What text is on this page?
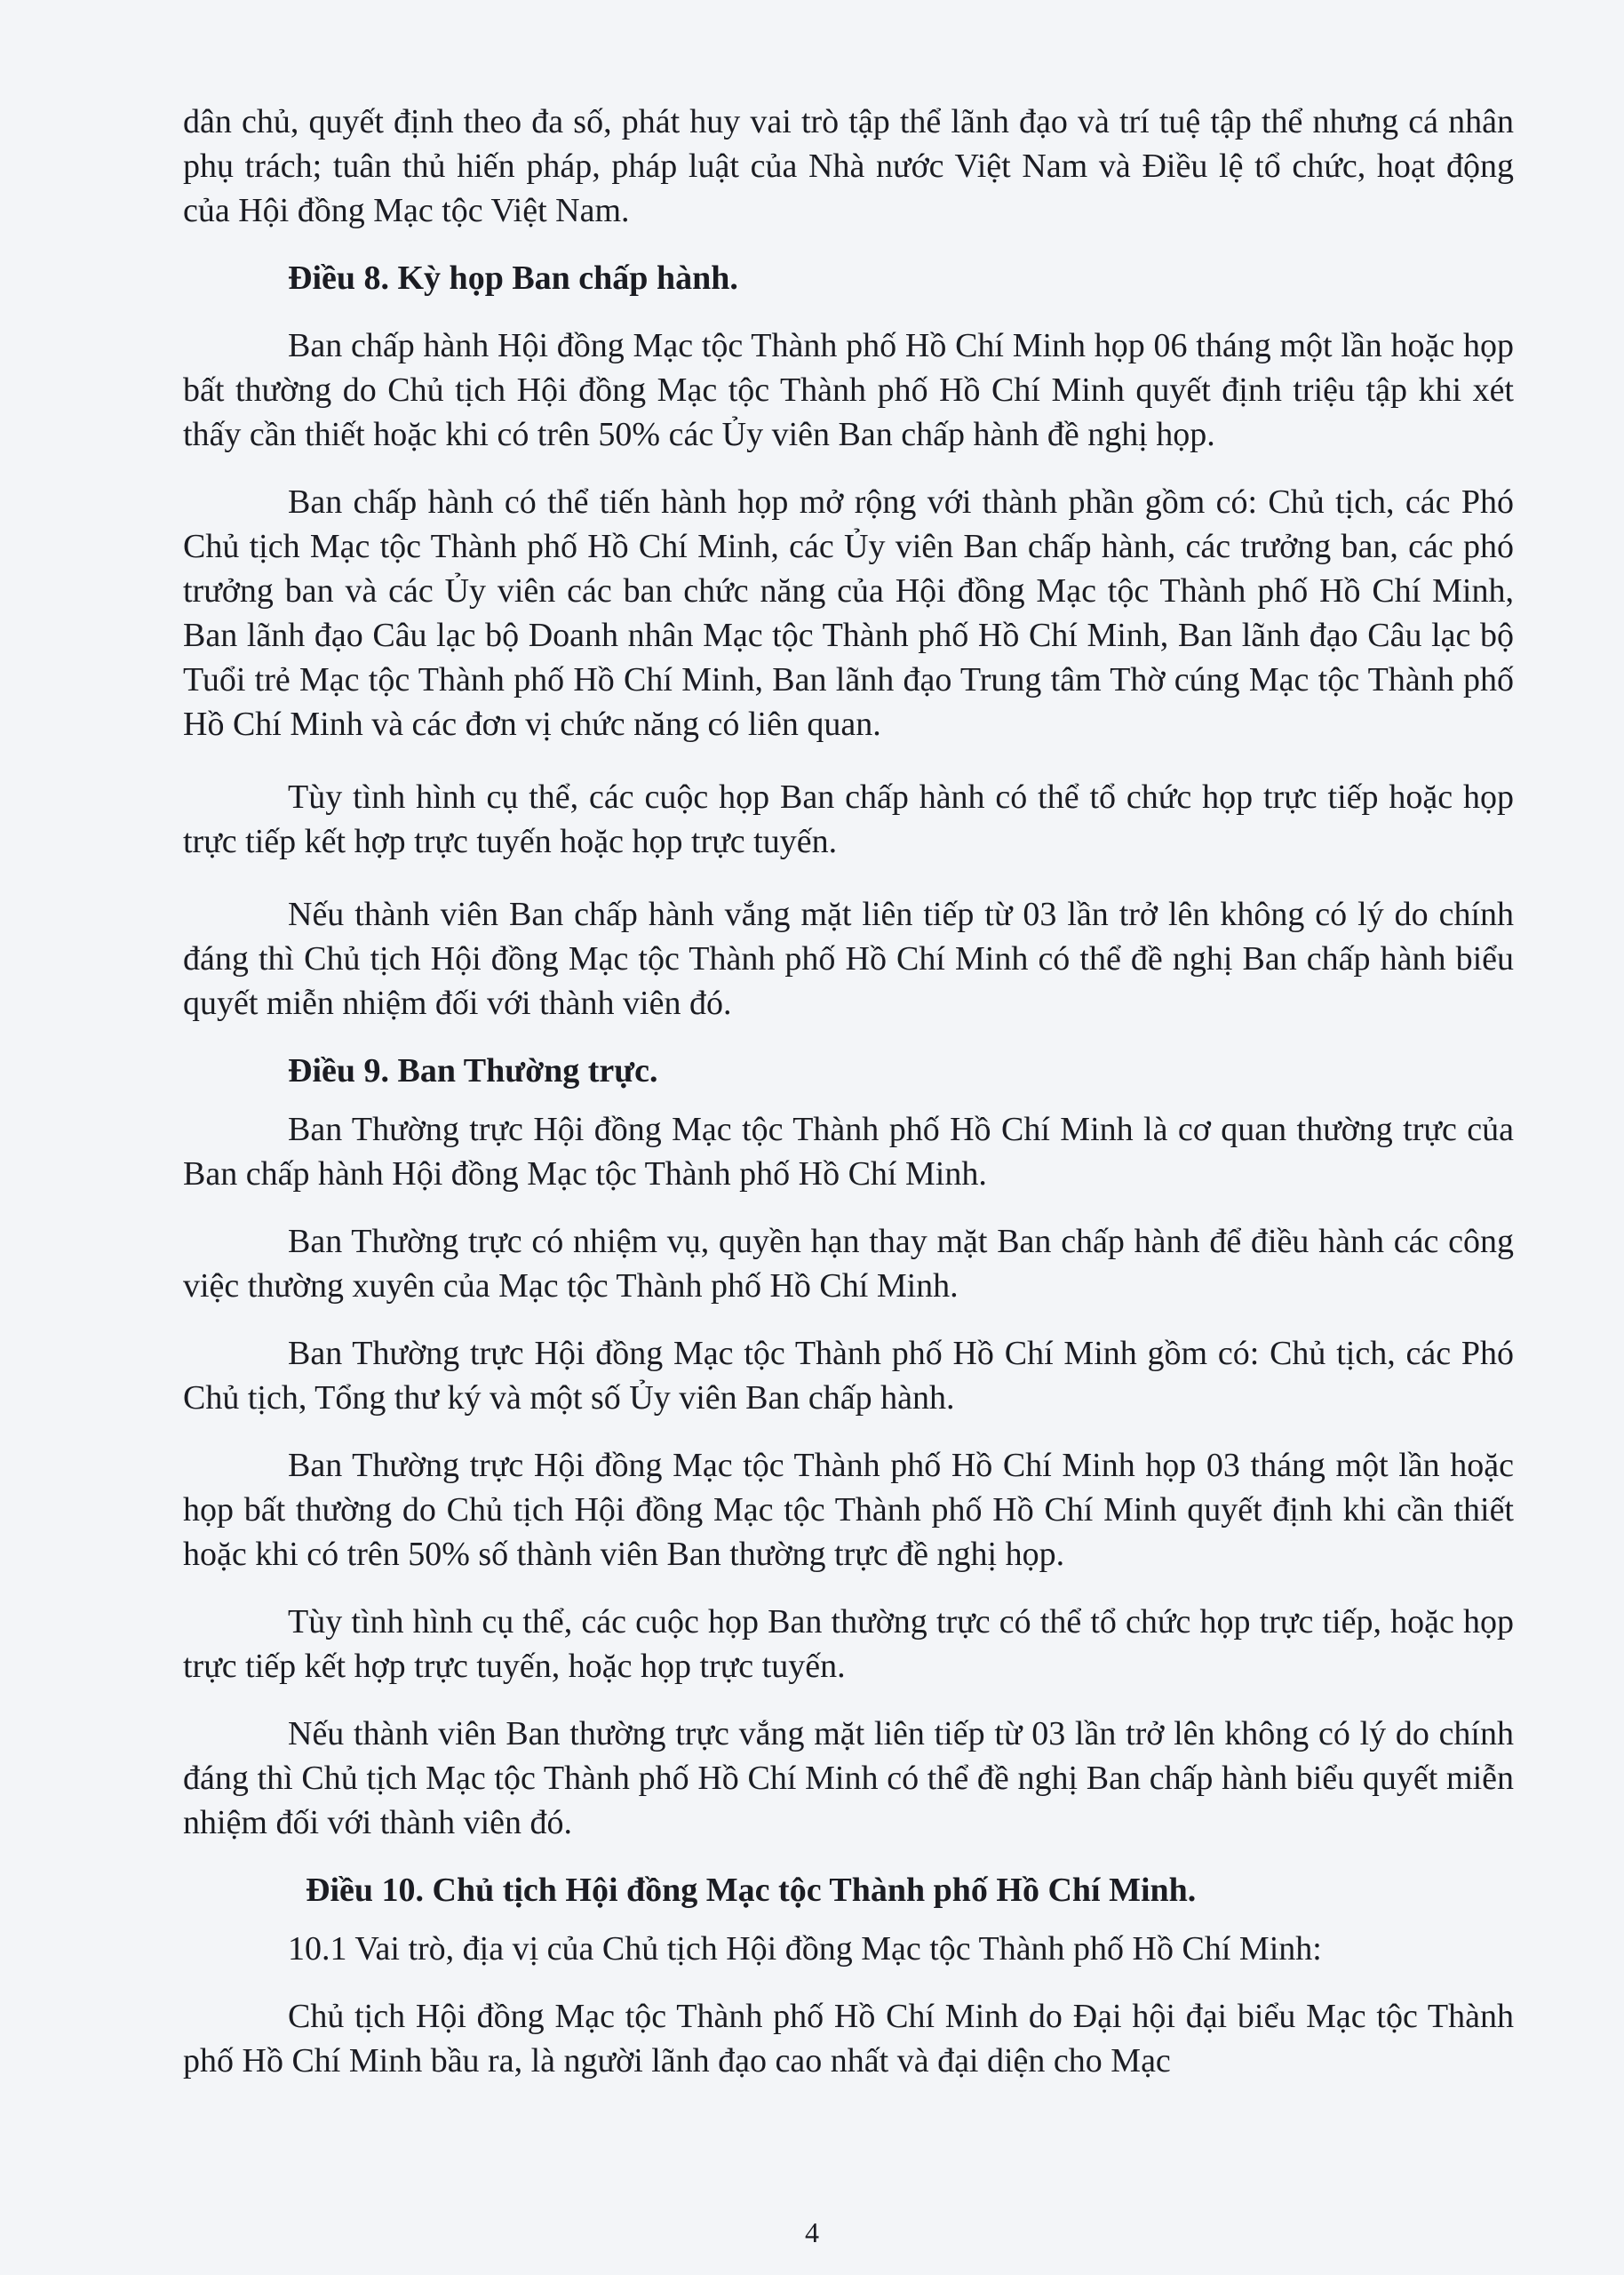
dân chủ, quyết định theo đa số, phát huy vai trò tập thể lãnh đạo và trí tuệ tập thể nhưng cá nhân phụ trách; tuân thủ hiến pháp, pháp luật của Nhà nước Việt Nam và Điều lệ tổ chức, hoạt động của Hội đồng Mạc tộc Việt Nam.

Điều 8. Kỳ họp Ban chấp hành.

Ban chấp hành Hội đồng Mạc tộc Thành phố Hồ Chí Minh họp 06 tháng một lần hoặc họp bất thường do Chủ tịch Hội đồng Mạc tộc Thành phố Hồ Chí Minh quyết định triệu tập khi xét thấy cần thiết hoặc khi có trên 50% các Ủy viên Ban chấp hành đề nghị họp.

Ban chấp hành có thể tiến hành họp mở rộng với thành phần gồm có: Chủ tịch, các Phó Chủ tịch Mạc tộc Thành phố Hồ Chí Minh, các Ủy viên Ban chấp hành, các trưởng ban, các phó trưởng ban và các Ủy viên các ban chức năng của Hội đồng Mạc tộc Thành phố Hồ Chí Minh, Ban lãnh đạo Câu lạc bộ Doanh nhân Mạc tộc Thành phố Hồ Chí Minh, Ban lãnh đạo Câu lạc bộ Tuổi trẻ Mạc tộc Thành phố Hồ Chí Minh, Ban lãnh đạo Trung tâm Thờ cúng Mạc tộc Thành phố Hồ Chí Minh và các đơn vị chức năng có liên quan.

Tùy tình hình cụ thể, các cuộc họp Ban chấp hành có thể tổ chức họp trực tiếp hoặc họp trực tiếp kết hợp trực tuyến hoặc họp trực tuyến.

Nếu thành viên Ban chấp hành vắng mặt liên tiếp từ 03 lần trở lên không có lý do chính đáng thì Chủ tịch Hội đồng Mạc tộc Thành phố Hồ Chí Minh có thể đề nghị Ban chấp hành biểu quyết miễn nhiệm đối với thành viên đó.

Điều 9. Ban Thường trực.

Ban Thường trực Hội đồng Mạc tộc Thành phố Hồ Chí Minh là cơ quan thường trực của Ban chấp hành Hội đồng Mạc tộc Thành phố Hồ Chí Minh.

Ban Thường trực có nhiệm vụ, quyền hạn thay mặt Ban chấp hành để điều hành các công việc thường xuyên của Mạc tộc Thành phố Hồ Chí Minh.

Ban Thường trực Hội đồng Mạc tộc Thành phố Hồ Chí Minh gồm có: Chủ tịch, các Phó Chủ tịch, Tổng thư ký và một số Ủy viên Ban chấp hành.

Ban Thường trực Hội đồng Mạc tộc Thành phố Hồ Chí Minh họp 03 tháng một lần hoặc họp bất thường do Chủ tịch Hội đồng Mạc tộc Thành phố Hồ Chí Minh quyết định khi cần thiết hoặc khi có trên 50% số thành viên Ban thường trực đề nghị họp.

Tùy tình hình cụ thể, các cuộc họp Ban thường trực có thể tổ chức họp trực tiếp, hoặc họp trực tiếp kết hợp trực tuyến, hoặc họp trực tuyến.

Nếu thành viên Ban thường trực vắng mặt liên tiếp từ 03 lần trở lên không có lý do chính đáng thì Chủ tịch Mạc tộc Thành phố Hồ Chí Minh có thể đề nghị Ban chấp hành biểu quyết miễn nhiệm đối với thành viên đó.

Điều 10. Chủ tịch Hội đồng Mạc tộc Thành phố Hồ Chí Minh.

10.1 Vai trò, địa vị của Chủ tịch Hội đồng Mạc tộc Thành phố Hồ Chí Minh:

Chủ tịch Hội đồng Mạc tộc Thành phố Hồ Chí Minh do Đại hội đại biểu Mạc tộc Thành phố Hồ Chí Minh bầu ra, là người lãnh đạo cao nhất và đại diện cho Mạc

4
